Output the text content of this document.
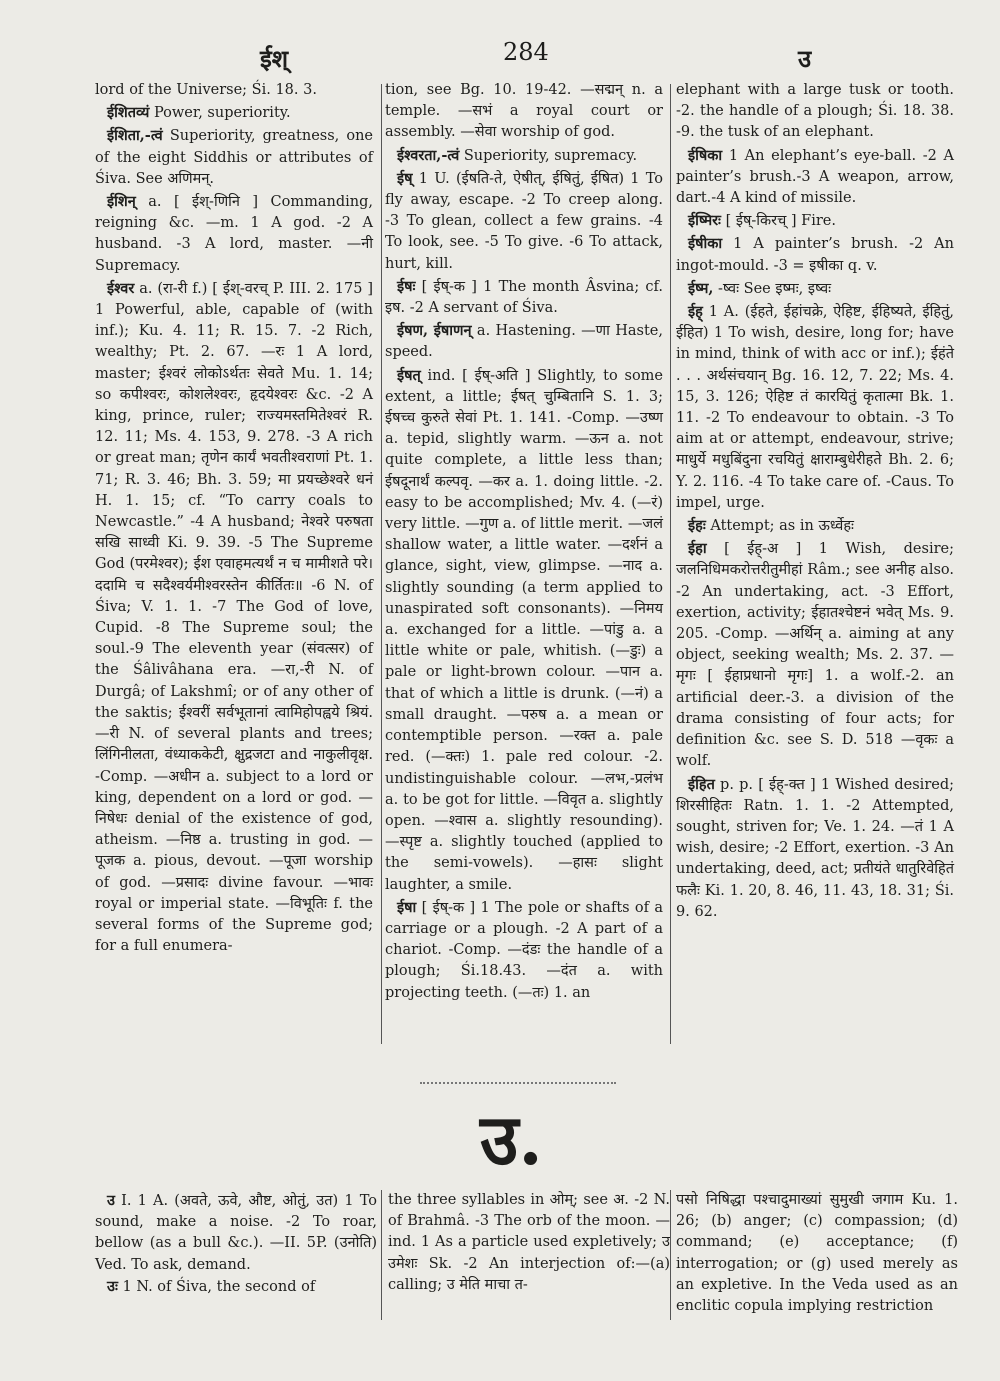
ईश्	284	उ

lord of the Universe; Śi. 18. 3.

ईशितव्यं Power, superiority.

ईशिता,-त्वं Superiority, greatness, one of the eight Siddhis or attributes of Śiva. See अणिमन्.

ईशिन् a. [ ईश्-णिनि ] Commanding, reigning &c. —m. 1 A god. -2 A husband. -3 A lord, master. —नी Supremacy.

ईश्वर a. (रा-री f.) [ ईश्-वरच् P. III. 2. 175 ] 1 Powerful, able, capable of (with inf.); Ku. 4. 11; R. 15. 7. -2 Rich, wealthy; Pt. 2. 67. —रः 1 A lord, master; ईश्वरं लोकोऽर्थतः सेवते Mu. 1. 14; so कपीश्वरः, कोशलेश्वरः, हृदयेश्वरः &c. -2 A king, prince, ruler; राज्यमस्तमितेश्वरं R. 12. 11; Ms. 4. 153, 9. 278. -3 A rich or great man; तृणेन कार्यं भवतीश्वराणां Pt. 1. 71; R. 3. 46; Bh. 3. 59; मा प्रयच्छेश्वरे धनं H. 1. 15; cf. “To carry coals to Newcastle.” -4 A husband; नेश्वरे परुषता सखि साध्वी Ki. 9. 39. -5 The Supreme God (परमेश्वर); ईश एवाहमत्यर्थं न च मामीशते परे। ददामि च सदैश्वर्यमीश्वरस्तेन कीर्तितः॥ -6 N. of Śiva; V. 1. 1. -7 The God of love, Cupid. -8 The Supreme soul; the soul.-9 The eleventh year (संवत्सर) of the Śâlivâhana era. —रा,-री N. of Durgâ; of Lakshmî; or of any other of the saktis; ईश्वरीं सर्वभूतानां त्वामिहोपह्वये श्रियं. —री N. of several plants and trees; लिंगिनीलता, वंध्याककेटी, क्षुद्रजटा and नाकुलीवृक्ष. -Comp. —अधीन a. subject to a lord or king, dependent on a lord or god. —निषेधः denial of the existence of god, atheism. —निष्ठ a. trusting in god. —पूजक a. pious, devout. —पूजा worship of god. —प्रसादः divine favour. —भावः royal or imperial state. —विभूतिः f. the several forms of the Supreme god; for a full enumera-

tion, see Bg. 10. 19-42. —सद्मन् n. a temple. —सभं a royal court or assembly. —सेवा worship of god.

ईश्वरता,-त्वं Superiority, supremacy.

ईष् 1 U. (ईषति-ते, ऐषीत्, ईषितुं, ईषित) 1 To fly away, escape. -2 To creep along. -3 To glean, collect a few grains. -4 To look, see. -5 To give. -6 To attack, hurt, kill.

ईषः [ ईष्-क ] 1 The month Âsvina; cf. इष. -2 A servant of Śiva.

ईषण, ईषाणन् a. Hastening. —णा Haste, speed.

ईषत् ind. [ ईष्-अति ] Slightly, to some extent, a little; ईषत् चुम्बितानि S. 1. 3; ईषच्च कुरुते सेवां Pt. 1. 141. -Comp. —उष्ण a. tepid, slightly warm. —ऊन a. not quite complete, a little less than; ईषदूनार्थं कल्पवृ. —कर a. 1. doing little. -2. easy to be accomplished; Mv. 4. (—रं) very little. —गुण a. of little merit. —जलं shallow water, a little water. —दर्शनं a glance, sight, view, glimpse. —नाद a. slightly sounding (a term applied to unaspirated soft consonants). —निमय a. exchanged for a little. —पांडु a. a little white or pale, whitish. (—डुः) a pale or light-brown colour. —पान a. that of which a little is drunk. (—नं) a small draught. —परुष a. a mean or contemptible person. —रक्त a. pale red. (—क्तः) 1. pale red colour. -2. undistinguishable colour. —लभ,-प्रलंभ a. to be got for little. —विवृत a. slightly open. —श्वास a. slightly resounding). —स्पृष्ट a. slightly touched (applied to the semi-vowels). —हासः slight laughter, a smile.

ईषा [ ईष्-क ] 1 The pole or shafts of a carriage or a plough. -2 A part of a chariot. -Comp. —दंडः the handle of a plough; Śi.18.43. —दंत a. with projecting teeth. (—तः) 1. an

elephant with a large tusk or tooth. -2. the handle of a plough; Śi. 18. 38. -9. the tusk of an elephant.

ईषिका 1 An elephant’s eye-ball. -2 A painter’s brush.-3 A weapon, arrow, dart.-4 A kind of missile.

ईष्मिरः [ ईष्-किरच् ] Fire.

ईषीका 1 A painter’s brush. -2 An ingot-mould. -3 = इषीका q. v.

ईष्म, -ष्वः See इष्मः, इष्वः

ईह् 1 A. (ईहते, ईहांचक्रे, ऐहिष्ट, ईहिष्यते, ईहितुं, ईहित) 1 To wish, desire, long for; have in mind, think of with acc or inf.); ईहंते . . . अर्थसंचयान् Bg. 16. 12, 7. 22; Ms. 4. 15, 3. 126; ऐहिष्ट तं कारयितुं कृतात्मा Bk. 1. 11. -2 To endeavour to obtain. -3 To aim at or attempt, endeavour, strive; माधुर्ये मधुबिंदुना रचयितुं क्षाराम्बुधेरीहते Bh. 2. 6; Y. 2. 116. -4 To take care of. -Caus. To impel, urge.

ईहः Attempt; as in ऊर्ध्वेहः

ईहा [ ईह्-अ ] 1 Wish, desire; जलनिधिमकरोत्तरीतुमीहां Râm.; see अनीह also. -2 An undertaking, act. -3 Effort, exertion, activity; ईहातश्चेष्टनं भवेत् Ms. 9. 205. -Comp. —अर्थिन् a. aiming at any object, seeking wealth; Ms. 2. 37. —मृगः [ ईहाप्रधानो मृगः] 1. a wolf.-2. an artificial deer.-3. a division of the drama consisting of four acts; for definition &c. see S. D. 518 —वृकः a wolf.

ईहित p. p. [ ईह्-क्त ] 1 Wished desired; शिरसीहितः Ratn. 1. 1. -2 Attempted, sought, striven for; Ve. 1. 24. —तं 1 A wish, desire; -2 Effort, exertion. -3 An undertaking, deed, act; प्रतीयंते धातुरिवेहितं फलैः Ki. 1. 20, 8. 46, 11. 43, 18. 31; Śi. 9. 62.

उ.

उ I. 1 A. (अवते, ऊवे, औष्ट, ओतुं, उत) 1 To sound, make a noise. -2 To roar, bellow (as a bull &c.). —II. 5P. (उनोति) Ved. To ask, demand.

उः 1 N. of Śiva, the second of

the three syllables in ओम्; see अ. -2 N. of Brahmâ. -3 The orb of the moon. —ind. 1 As a particle used expletively; उ उमेशः Sk. -2 An interjection of:—(a) calling; उ मेति माचा त-

पसो निषिद्धा पश्चादुमाख्यां सुमुखी जगाम Ku. 1. 26; (b) anger; (c) compassion; (d) command; (e) acceptance; (f) interrogation; or (g) used merely as an expletive. In the Veda used as an enclitic copula implying restriction
